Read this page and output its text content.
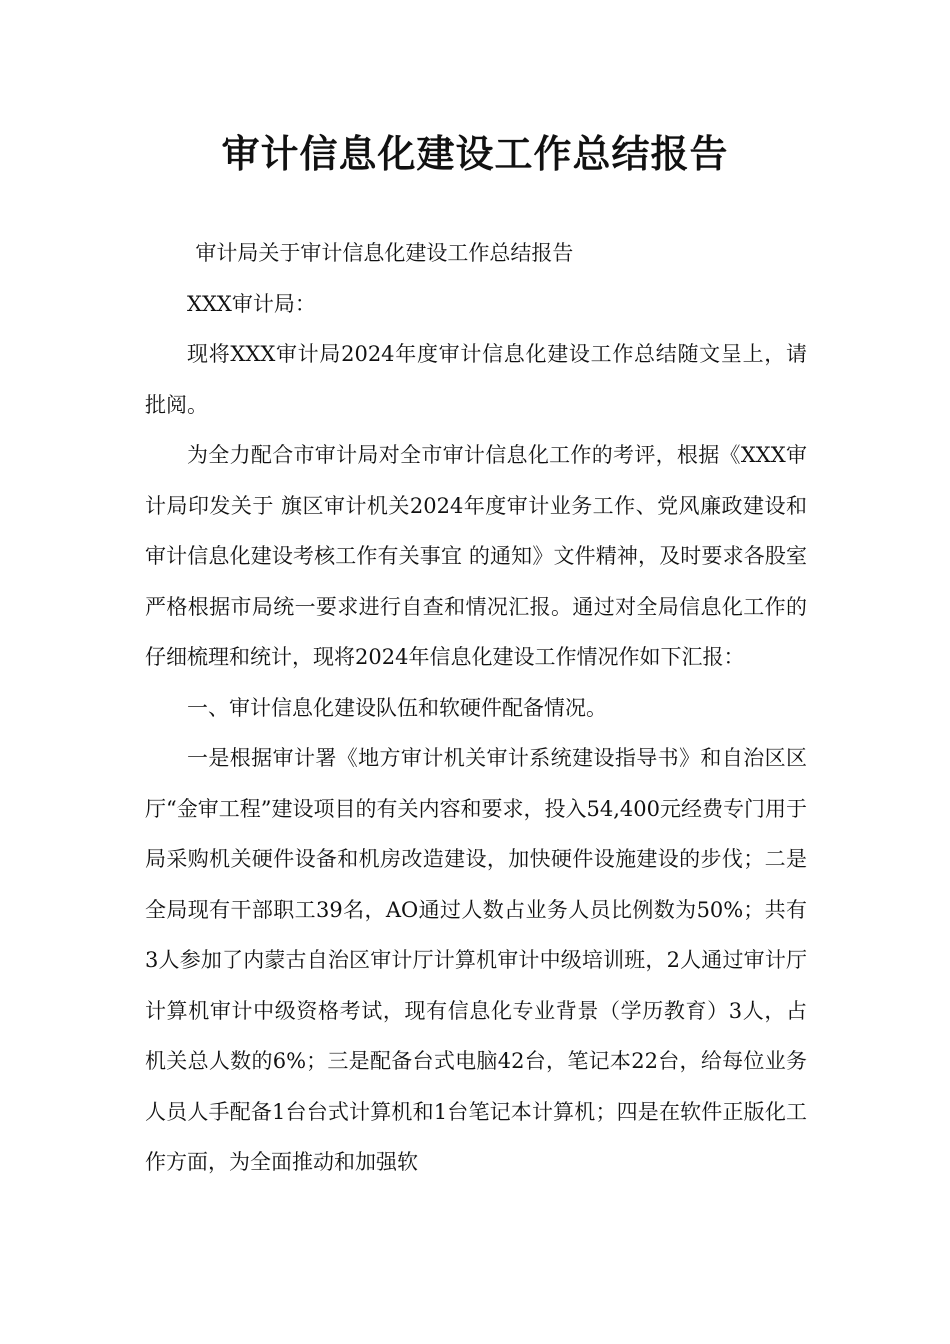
审计信息化建设工作总结报告

审计局关于审计信息化建设工作总结报告

XXX审计局：

现将XXX审计局2024年度审计信息化建设工作总结随文呈上，请批阅。

为全力配合市审计局对全市审计信息化工作的考评，根据《XXX审计局印发关于 旗区审计机关2024年度审计业务工作、党风廉政建设和审计信息化建设考核工作有关事宜 的通知》文件精神，及时要求各股室严格根据市局统一要求进行自查和情况汇报。通过对全局信息化工作的仔细梳理和统计，现将2024年信息化建设工作情况作如下汇报：

一、审计信息化建设队伍和软硬件配备情况。

一是根据审计署《地方审计机关审计系统建设指导书》和自治区区厅“金审工程”建设项目的有关内容和要求，投入54,400元经费专门用于局采购机关硬件设备和机房改造建设，加快硬件设施建设的步伐；二是全局现有干部职工39名，AO通过人数占业务人员比例数为50%；共有3人参加了内蒙古自治区审计厅计算机审计中级培训班，2人通过审计厅计算机审计中级资格考试，现有信息化专业背景（学历教育）3人，占机关总人数的6%；三是配备台式电脑42台，笔记本22台，给每位业务人员人手配备1台台式计算机和1台笔记本计算机；四是在软件正版化工作方面，为全面推动和加强软
